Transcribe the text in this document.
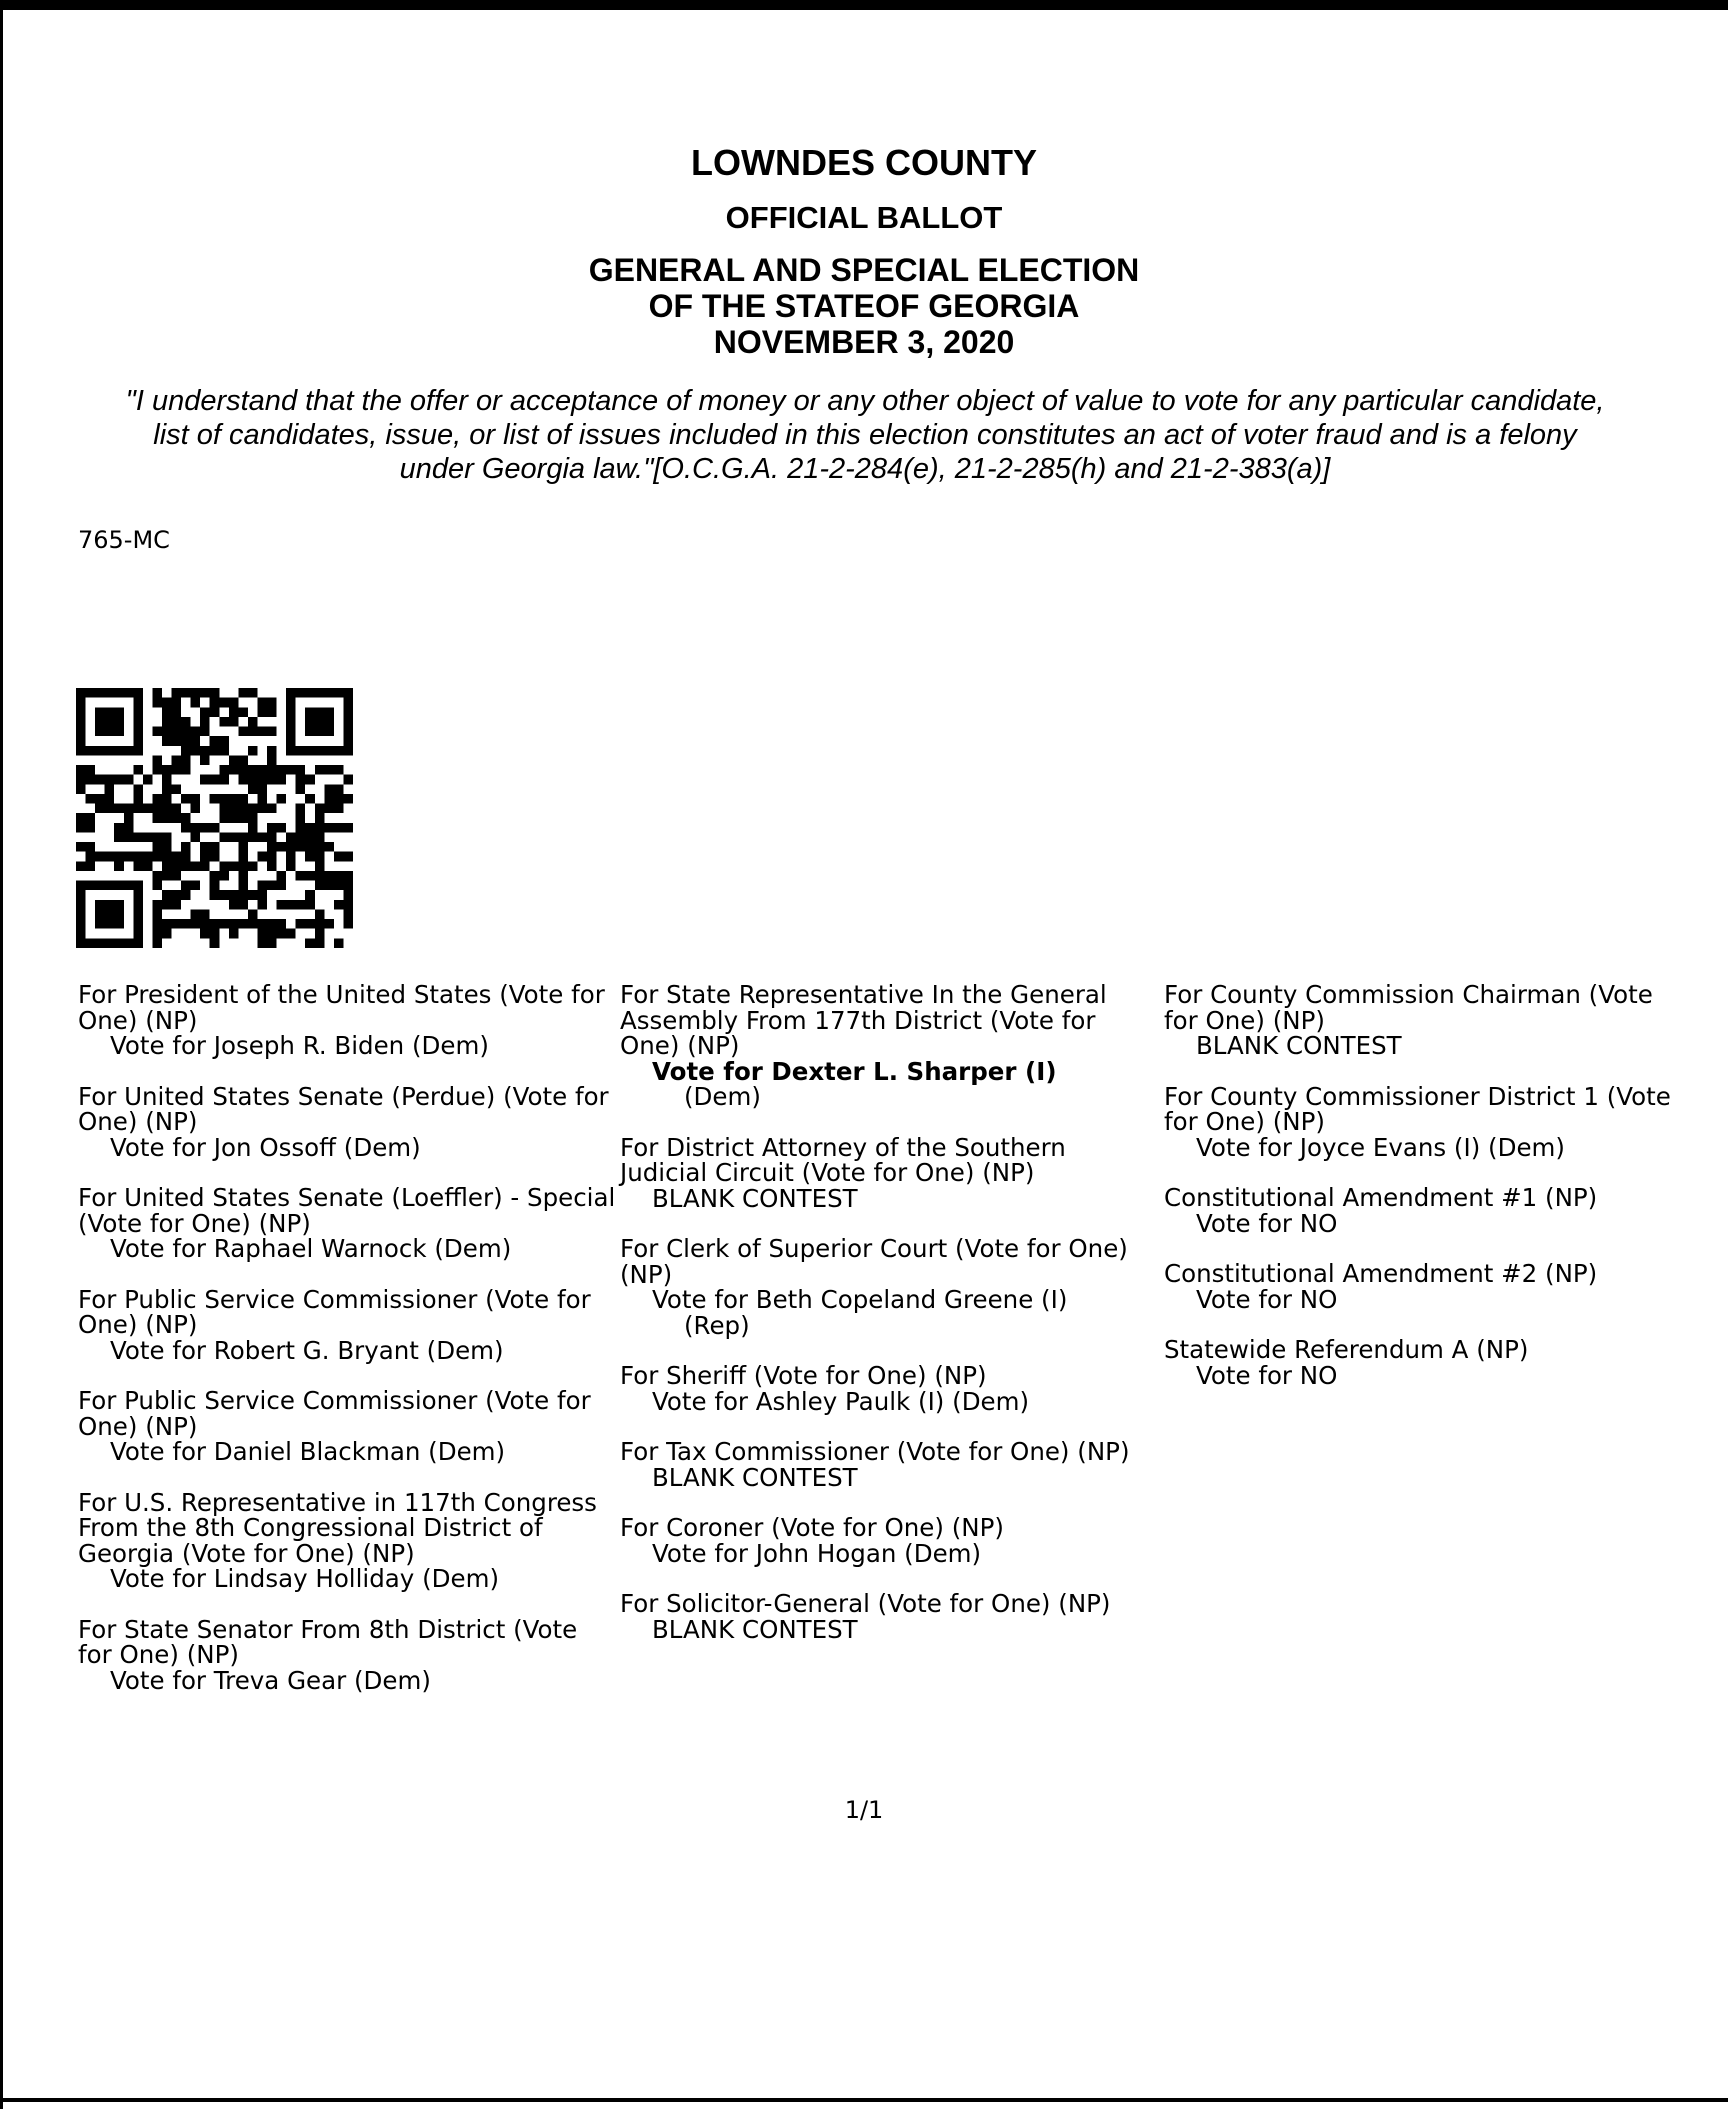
LOWNDES COUNTY
OFFICIAL BALLOT
GENERAL AND SPECIAL ELECTION
OF THE STATEOF GEORGIA
NOVEMBER 3, 2020
"I understand that the offer or acceptance of money or any other object of value to vote for any particular candidate,
list of candidates, issue, or list of issues included in this election constitutes an act of voter fraud and is a felony
under Georgia law."[O.C.G.A. 21-2-284(e), 21-2-285(h) and 21-2-383(a)]
765-MC
For President of the United States (Vote for One) (NP)
Vote for Joseph R. Biden (Dem)
For United States Senate (Perdue) (Vote for One) (NP)
Vote for Jon Ossoff (Dem)
For United States Senate (Loeffler) - Special (Vote for One) (NP)
Vote for Raphael Warnock (Dem)
For Public Service Commissioner (Vote for One) (NP)
Vote for Robert G. Bryant (Dem)
For Public Service Commissioner (Vote for One) (NP)
Vote for Daniel Blackman (Dem)
For U.S. Representative in 117th Congress From the 8th Congressional District of Georgia (Vote for One) (NP)
Vote for Lindsay Holliday (Dem)
For State Senator From 8th District (Vote for One) (NP)
Vote for Treva Gear (Dem)
For State Representative In the General Assembly From 177th District (Vote for One) (NP)
Vote for Dexter L. Sharper (I)
(Dem)
For District Attorney of the Southern Judicial Circuit (Vote for One) (NP)
BLANK CONTEST
For Clerk of Superior Court (Vote for One) (NP)
Vote for Beth Copeland Greene (I)
(Rep)
For Sheriff (Vote for One) (NP)
Vote for Ashley Paulk (I) (Dem)
For Tax Commissioner (Vote for One) (NP)
BLANK CONTEST
For Coroner (Vote for One) (NP)
Vote for John Hogan (Dem)
For Solicitor-General (Vote for One) (NP)
BLANK CONTEST
For County Commission Chairman (Vote for One) (NP)
BLANK CONTEST
For County Commissioner District 1 (Vote for One) (NP)
Vote for Joyce Evans (I) (Dem)
Constitutional Amendment #1 (NP)
Vote for NO
Constitutional Amendment #2 (NP)
Vote for NO
Statewide Referendum A (NP)
Vote for NO
1/1
